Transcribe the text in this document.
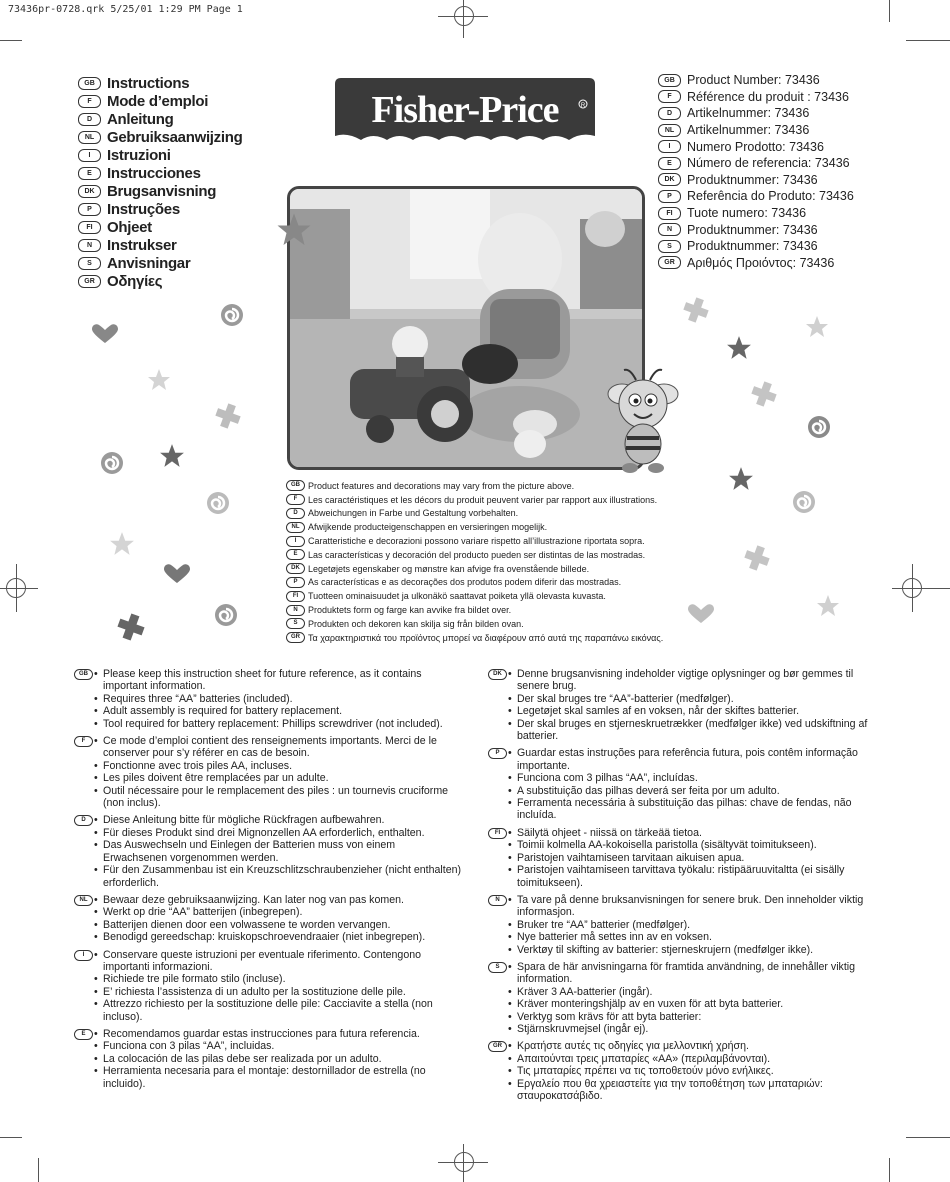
73436pr-0728.qrk 5/25/01 1:29 PM Page 1
GB Instructions
F	Mode d’emploi
D Anleitung
NL Gebruiksaanwijzing
I	Istruzioni
E	Instrucciones
DK Brugsanvisning
P	Instruções
FI Ohjeet
N Instrukser
S	Anvisningar
GR Οδηγίες
Fisher-Price	R
GB Product Number: 73436
F	Référence du produit : 73436
D	Artikelnummer: 73436
NL	Artikelnummer: 73436
I	Numero Prodotto: 73436
E	Número de referencia: 73436
DK Produktnummer: 73436
P	Referência do Produto: 73436
FI	Tuote numero: 73436
N	Produktnummer: 73436
S	Produktnummer: 73436
GR Αριθμός Προιόντος: 73436
GB Product features and decorations may vary from the picture above.
F	Les caractéristiques et les décors du produit peuvent varier par rapport aux illustrations.
D	Abweichungen in Farbe und Gestaltung vorbehalten.
NL Afwijkende producteigenschappen en versieringen mogelijk.
I	Caratteristiche e decorazioni possono variare rispetto all’illustrazione riportata sopra.
E	Las características y decoración del producto pueden ser distintas de las mostradas.
DK Legetøjets egenskaber og mønstre kan afvige fra ovenstående billede.
P	As características e as decorações dos produtos podem diferir das mostradas.
FI	Tuotteen ominaisuudet ja ulkonäkö saattavat poiketa yllä olevasta kuvasta.
N	Produktets form og farge kan avvike fra bildet over.
S	Produkten och dekoren kan skilja sig från bilden ovan.
GR Τα χαρακτηριστικά του προϊόντος μπορεί να διαφέρουν από αυτά της παραπάνω εικόνας.
GB	• Please keep this instruction sheet for future reference, as it contains important information.
• Requires three “AA” batteries (included).
• Adult assembly is required for battery replacement.
• Tool required for battery replacement: Phillips screwdriver (not included).
F	• Ce mode d’emploi contient des renseignements importants. Merci de le conserver pour s’y référer en cas de besoin.
• Fonctionne avec trois piles AA, incluses.
• Les piles doivent être remplacées par un adulte.
• Outil nécessaire pour le remplacement des piles : un tournevis cruciforme (non inclus).
D	• Diese Anleitung bitte für mögliche Rückfragen aufbewahren.
• Für dieses Produkt sind drei Mignonzellen AA erforderlich, enthalten.
• Das Auswechseln und Einlegen der Batterien muss von einem Erwachsenen vorgenommen werden.
• Für den Zusammenbau ist ein Kreuzschlitzschraubenzieher (nicht enthalten) erforderlich.
NL	• Bewaar deze gebruiksaanwijzing. Kan later nog van pas komen.
• Werkt op drie “AA” batterijen (inbegrepen).
• Batterijen dienen door een volwassene te worden vervangen.
• Benodigd gereedschap: kruiskopschroevendraaier (niet inbegrepen).
I	• Conservare queste istruzioni per eventuale riferimento. Contengono importanti informazioni.
• Richiede tre pile formato stilo (incluse).
• E’ richiesta l’assistenza di un adulto per la sostituzione delle pile.
• Attrezzo richiesto per la sostituzione delle pile: Cacciavite a stella (non incluso).
E	• Recomendamos guardar estas instrucciones para futura referencia.
• Funciona con 3 pilas “AA”, incluidas.
• La colocación de las pilas debe ser realizada por un adulto.
• Herramienta necesaria para el montaje: destornillador de estrella (no incluido).
DK	• Denne brugsanvisning indeholder vigtige oplysninger og bør gemmes til senere brug.
• Der skal bruges tre “AA”-batterier (medfølger).
• Legetøjet skal samles af en voksen, når der skiftes batterier.
• Der skal bruges en stjerneskruetrækker (medfølger ikke) ved udskiftning af batterier.
P	• Guardar estas instruções para referência futura, pois contêm informação importante.
• Funciona com 3 pilhas “AA”, incluídas.
• A substituição das pilhas deverá ser feita por um adulto.
• Ferramenta necessária à substituição das pilhas: chave de fendas, não incluída.
FI	• Säilytä ohjeet - niissä on tärkeää tietoa.
• Toimii kolmella AA-kokoisella paristolla (sisältyvät toimitukseen).
• Paristojen vaihtamiseen tarvitaan aikuisen apua.
• Paristojen vaihtamiseen tarvittava työkalu: ristipääruuvitaltta (ei sisälly toimitukseen).
N	• Ta vare på denne bruksanvisningen for senere bruk. Den inneholder viktig informasjon.
• Bruker tre “AA” batterier (medfølger).
• Nye batterier må settes inn av en voksen.
• Verktøy til skifting av batterier: stjerneskrujern (medfølger ikke).
S	• Spara de här anvisningarna för framtida användning, de innehåller viktig information.
• Kräver 3 AA-batterier (ingår).
• Kräver monteringshjälp av en vuxen för att byta batterier.
• Verktyg som krävs för att byta batterier:
• Stjärnskruvmejsel (ingår ej).
GR	• Κρατήστε αυτές τις οδηγίες για μελλοντική χρήση.
• Απαιτούνται τρεις μπαταρίες «AA» (περιλαμβάνονται).
• Τις μπαταρίες πρέπει να τις τοποθετούν μόνο ενήλικες.
• Εργαλείο που θα χρειαστείτε για την τοποθέτηση των μπαταριών: σταυροκατσάβιδο.
